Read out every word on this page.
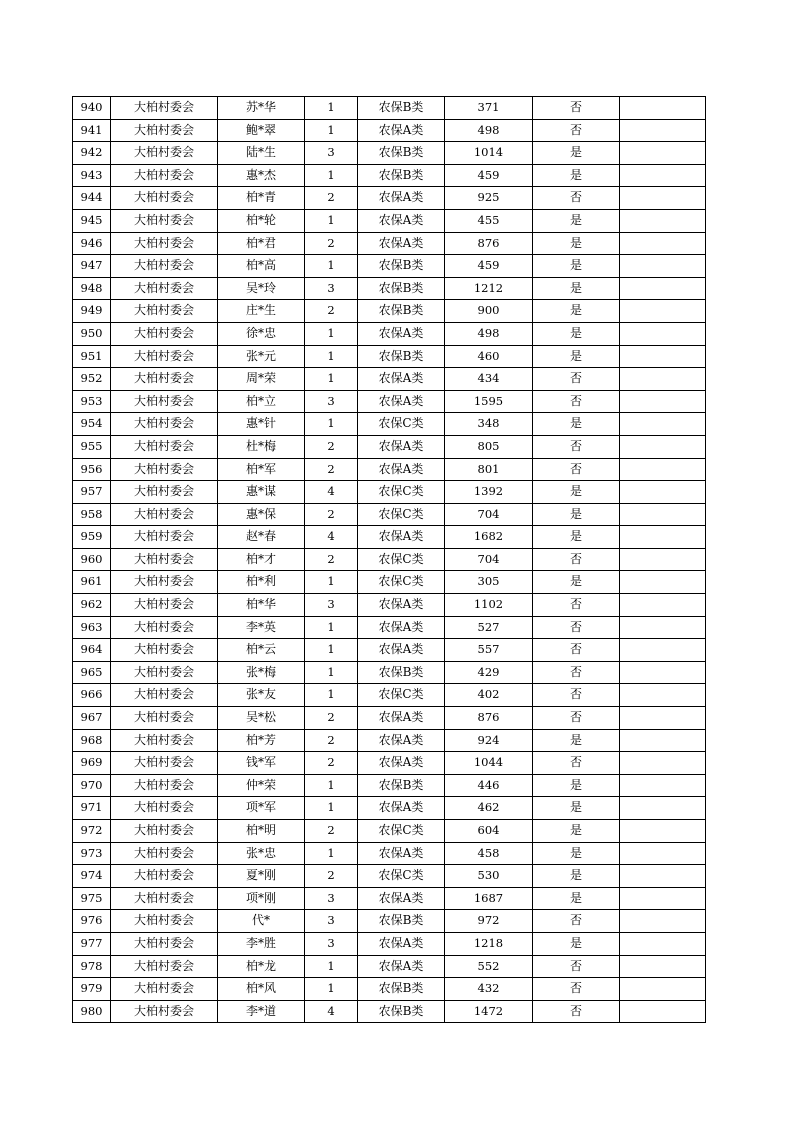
940	大柏村委会	苏*华	1	农保B类	371	否	
941	大柏村委会	鲍*翠	1	农保A类	498	否	
942	大柏村委会	陆*生	3	农保B类	1014	是	
943	大柏村委会	惠*杰	1	农保B类	459	是	
944	大柏村委会	柏*青	2	农保A类	925	否	
945	大柏村委会	柏*轮	1	农保A类	455	是	
946	大柏村委会	柏*君	2	农保A类	876	是	
947	大柏村委会	柏*高	1	农保B类	459	是	
948	大柏村委会	吴*玲	3	农保B类	1212	是	
949	大柏村委会	庄*生	2	农保B类	900	是	
950	大柏村委会	徐*忠	1	农保A类	498	是	
951	大柏村委会	张*元	1	农保B类	460	是	
952	大柏村委会	周*荣	1	农保A类	434	否	
953	大柏村委会	柏*立	3	农保A类	1595	否	
954	大柏村委会	惠*针	1	农保C类	348	是	
955	大柏村委会	杜*梅	2	农保A类	805	否	
956	大柏村委会	柏*军	2	农保A类	801	否	
957	大柏村委会	惠*谋	4	农保C类	1392	是	
958	大柏村委会	惠*保	2	农保C类	704	是	
959	大柏村委会	赵*春	4	农保A类	1682	是	
960	大柏村委会	柏*才	2	农保C类	704	否	
961	大柏村委会	柏*利	1	农保C类	305	是	
962	大柏村委会	柏*华	3	农保A类	1102	否	
963	大柏村委会	李*英	1	农保A类	527	否	
964	大柏村委会	柏*云	1	农保A类	557	否	
965	大柏村委会	张*梅	1	农保B类	429	否	
966	大柏村委会	张*友	1	农保C类	402	否	
967	大柏村委会	吴*松	2	农保A类	876	否	
968	大柏村委会	柏*芳	2	农保A类	924	是	
969	大柏村委会	钱*军	2	农保A类	1044	否	
970	大柏村委会	仲*荣	1	农保B类	446	是	
971	大柏村委会	项*军	1	农保A类	462	是	
972	大柏村委会	柏*明	2	农保C类	604	是	
973	大柏村委会	张*忠	1	农保A类	458	是	
974	大柏村委会	夏*刚	2	农保C类	530	是	
975	大柏村委会	项*刚	3	农保A类	1687	是	
976	大柏村委会	代*	3	农保B类	972	否	
977	大柏村委会	李*胜	3	农保A类	1218	是	
978	大柏村委会	柏*龙	1	农保A类	552	否	
979	大柏村委会	柏*风	1	农保B类	432	否	
980	大柏村委会	李*道	4	农保B类	1472	否	
